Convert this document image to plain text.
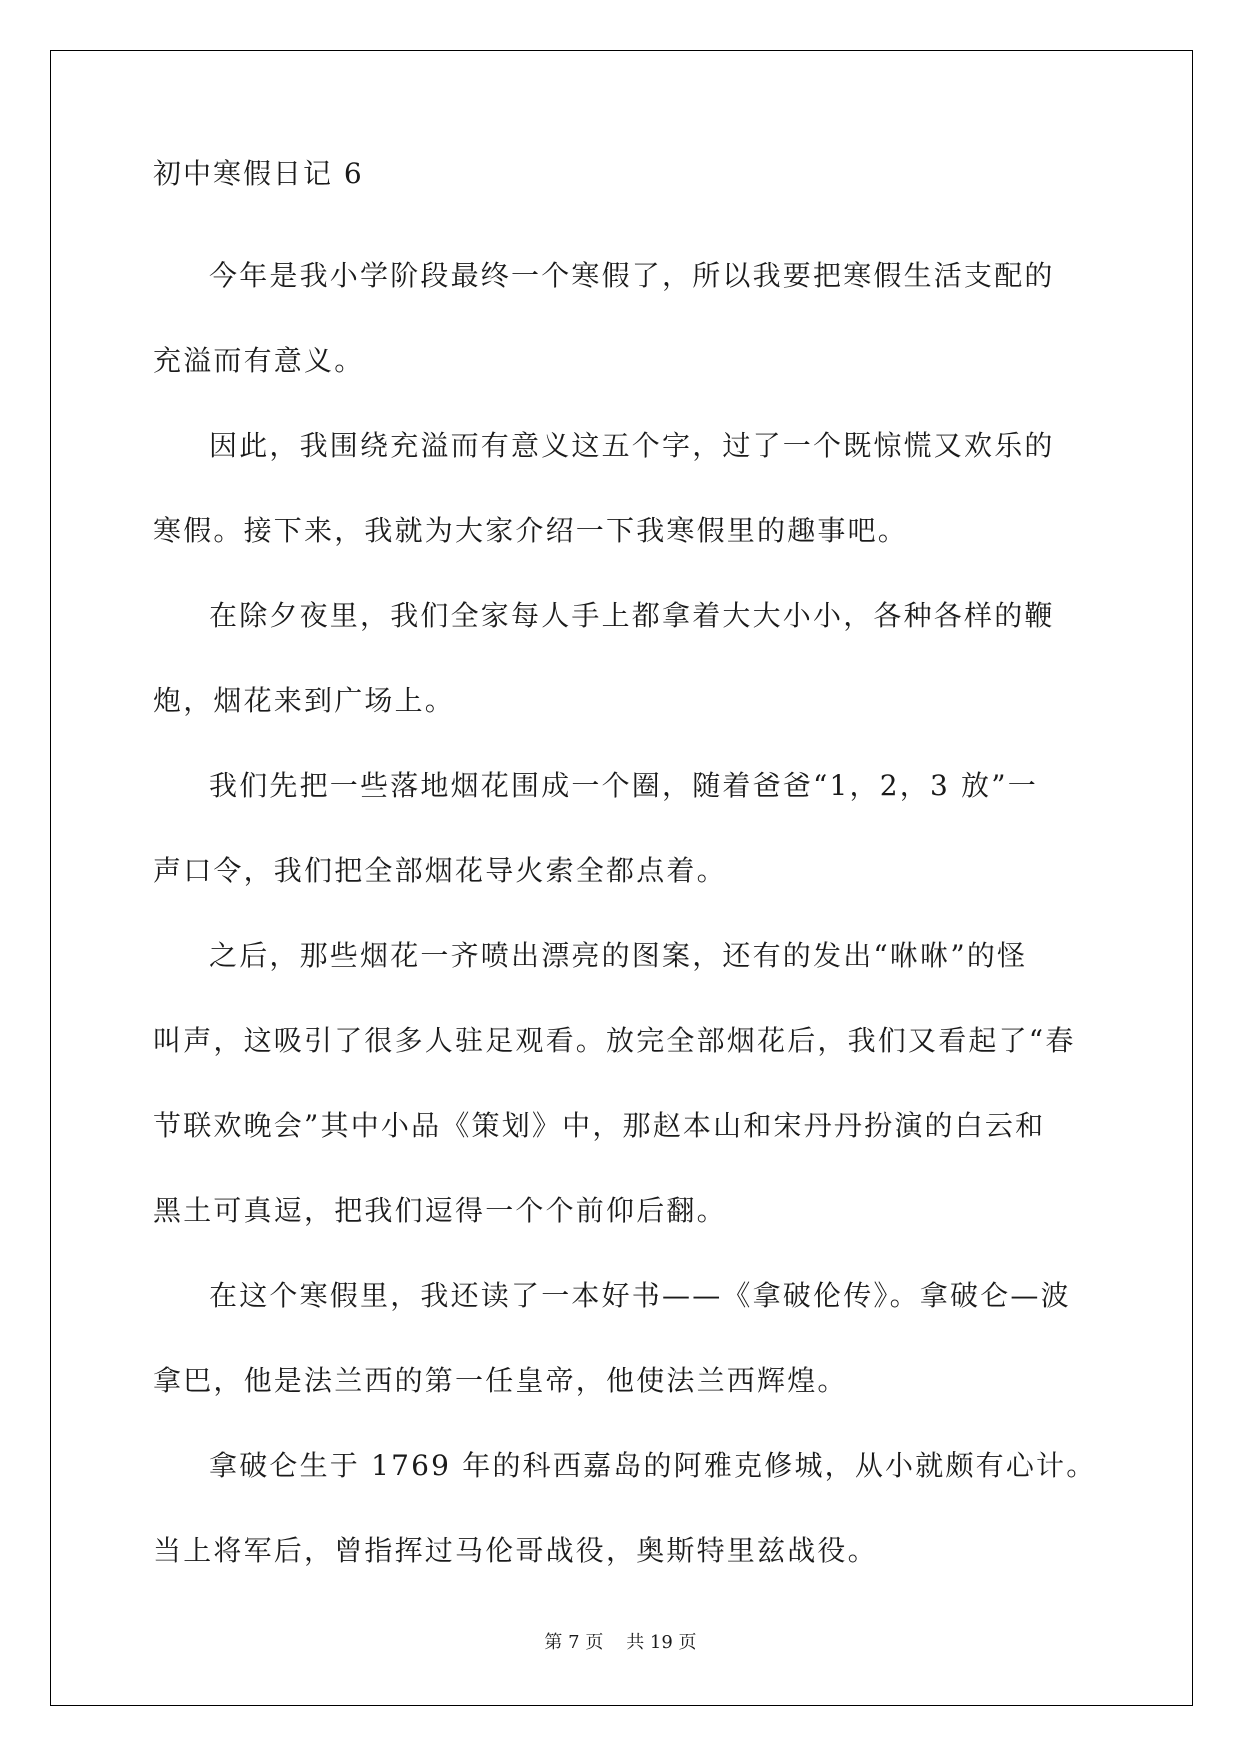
初中寒假日记 6

今年是我小学阶段最终一个寒假了，所以我要把寒假生活支配的
充溢而有意义。

因此，我围绕充溢而有意义这五个字，过了一个既惊慌又欢乐的
寒假。接下来，我就为大家介绍一下我寒假里的趣事吧。

在除夕夜里，我们全家每人手上都拿着大大小小，各种各样的鞭
炮，烟花来到广场上。

我们先把一些落地烟花围成一个圈，随着爸爸“1，2，3 放”一
声口令，我们把全部烟花导火索全都点着。

之后，那些烟花一齐喷出漂亮的图案，还有的发出“咻咻”的怪
叫声，这吸引了很多人驻足观看。放完全部烟花后，我们又看起了“春
节联欢晚会”其中小品《策划》中，那赵本山和宋丹丹扮演的白云和
黑土可真逗，把我们逗得一个个前仰后翻。

在这个寒假里，我还读了一本好书——《拿破伦传》。拿破仑—波
拿巴，他是法兰西的第一任皇帝，他使法兰西辉煌。

拿破仑生于 1769 年的科西嘉岛的阿雅克修城，从小就颇有心计。
当上将军后，曾指挥过马伦哥战役，奥斯特里兹战役。

第 7 页    共 19 页
